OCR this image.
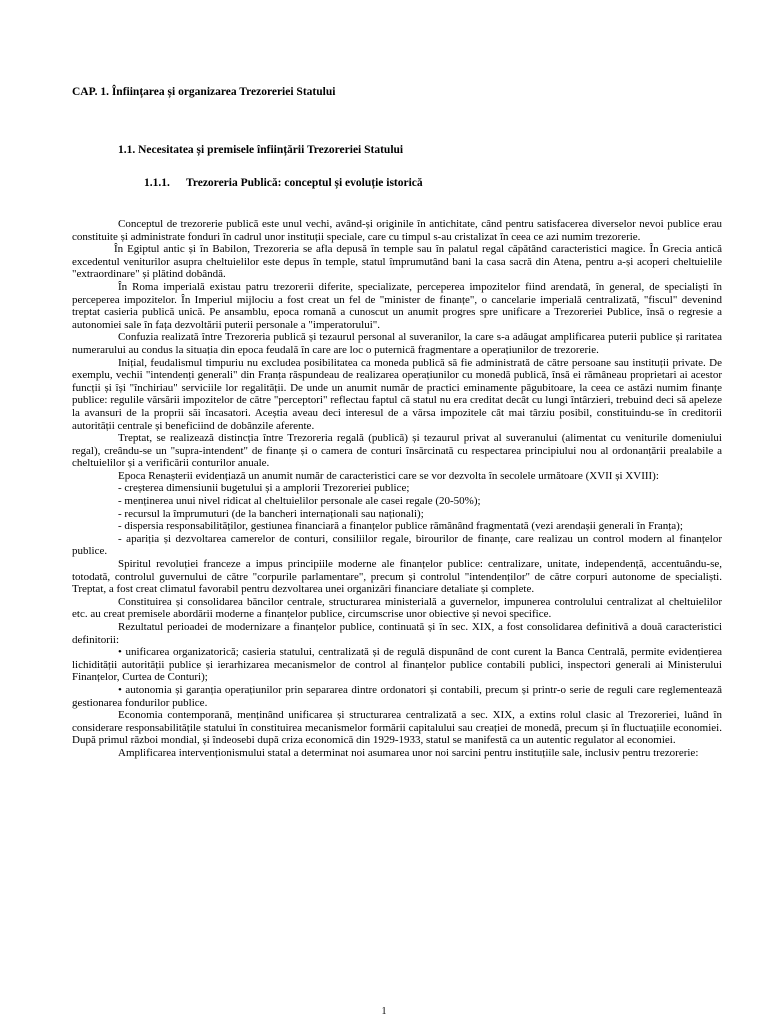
CAP. 1. Înființarea și organizarea Trezoreriei Statului
1.1. Necesitatea și premisele înființării Trezoreriei Statului
1.1.1. Trezoreria Publică: conceptul și evoluție istorică

Conceptul de trezorerie publică este unul vechi, având-și originile în antichitate, când pentru satisfacerea diverselor nevoi publice erau constituite și administrate fonduri în cadrul unor instituții speciale, care cu timpul s-au cristalizat în ceea ce azi numim trezorerie.

În Egiptul antic și în Babilon, Trezoreria se afla depusă în temple sau în palatul regal căpătând caracteristici magice. În Grecia antică excedentul veniturilor asupra cheltuielilor este depus în temple, statul împrumutând bani la casa sacră din Atena, pentru a-și acoperi cheltuielile "extraordinare" și plătind dobândă.

În Roma imperială existau patru trezorerii diferite, specializate, perceperea impozitelor fiind arendată, în general, de specialiști în perceperea impozitelor. În Imperiul mijlociu a fost creat un fel de "minister de finanțe", o cancelarie imperială centralizată, "fiscul" devenind treptat casieria publică unică. Pe ansamblu, epoca romană a cunoscut un anumit progres spre unificare a Trezoreriei Publice, însă o regresie a autonomiei sale în fața dezvoltării puterii personale a "imperatorului".

Confuzia realizată între Trezoreria publică și tezaurul personal al suveranilor, la care s-a adăugat amplificarea puterii publice și raritatea numerarului au condus la situația din epoca feudală în care are loc o puternică fragmentare a operațiunilor de trezorerie.

Inițial, feudalismul timpuriu nu excludea posibilitatea ca moneda publică să fie administrată de către persoane sau instituții private. De exemplu, vechii "intendenți generali" din Franța răspundeau de realizarea operațiunilor cu monedă publică, însă ei rămâneau proprietari ai acestor funcții și își "închiriau" serviciile lor regalității. De unde un anumit număr de practici eminamente păgubitoare, la ceea ce astăzi numim finanțe publice: regulile vărsării impozitelor de către "perceptori" reflectau faptul că statul nu era creditat decât cu lungi întârzieri, trebuind deci să apeleze la avansuri de la proprii săi încasatori. Aceștia aveau deci interesul de a vărsa impozitele cât mai târziu posibil, constituindu-se în creditorii autorității centrale și beneficiind de dobânzile aferente.

Treptat, se realizează distincția între Trezoreria regală (publică) și tezaurul privat al suveranului (alimentat cu veniturile domeniului regal), creându-se un "supra-intendent" de finanțe și o camera de conturi însărcinată cu respectarea principiului nou al ordonanțării prealabile a cheltuielilor și a verificării conturilor anuale.

Epoca Renașterii evidențiază un anumit număr de caracteristici care se vor dezvolta în secolele următoare (XVII și XVIII):

- creșterea dimensiunii bugetului și a amplorii Trezoreriei publice;

- menținerea unui nivel ridicat al cheltuielilor personale ale casei regale (20-50%);

- recursul la împrumuturi (de la bancheri internaționali sau naționali);

- dispersia responsabilităților, gestiunea financiară a finanțelor publice rămânând fragmentată (vezi arendașii generali în Franța);

- apariția și dezvoltarea camerelor de conturi, consiliilor regale, birourilor de finanțe, care realizau un control modern al finanțelor publice.

Spiritul revoluției franceze a impus principiile moderne ale finanțelor publice: centralizare, unitate, independență, accentuându-se, totodată, controlul guvernului de către "corpurile parlamentare", precum și controlul "intendenților" de către corpuri autonome de specialiști. Treptat, a fost creat climatul favorabil pentru dezvoltarea unei organizări financiare detaliate și complete.

Constituirea și consolidarea băncilor centrale, structurarea ministerială a guvernelor, impunerea controlului centralizat al cheltuielilor etc. au creat premisele abordării moderne a finanțelor publice, circumscrise unor obiective și nevoi specifice.

Rezultatul perioadei de modernizare a finanțelor publice, continuată și în sec. XIX, a fost consolidarea definitivă a două caracteristici definitorii:

• unificarea organizatorică; casieria statului, centralizată și de regulă dispunând de cont curent la Banca Centrală, permite evidențierea lichidității autorității publice și ierarhizarea mecanismelor de control al finanțelor publice contabili publici, inspectori generali ai Ministerului Finanțelor, Curtea de Conturi);

• autonomia și garanția operațiunilor prin separarea dintre ordonatori și contabili, precum și printr-o serie de reguli care reglementează gestionarea fondurilor publice.

Economia contemporană, menținând unificarea și structurarea centralizată a sec. XIX, a extins rolul clasic al Trezoreriei, luând în considerare responsabilitățile statului în constituirea mecanismelor formării capitalului sau creației de monedă, precum și în fluctuațiile economiei. După primul război mondial, și îndeosebi după criza economică din 1929-1933, statul se manifestă ca un autentic regulator al economiei.

Amplificarea intervenționismului statal a determinat noi asumarea unor noi sarcini pentru instituțiile sale, inclusiv pentru trezorerie:

1
